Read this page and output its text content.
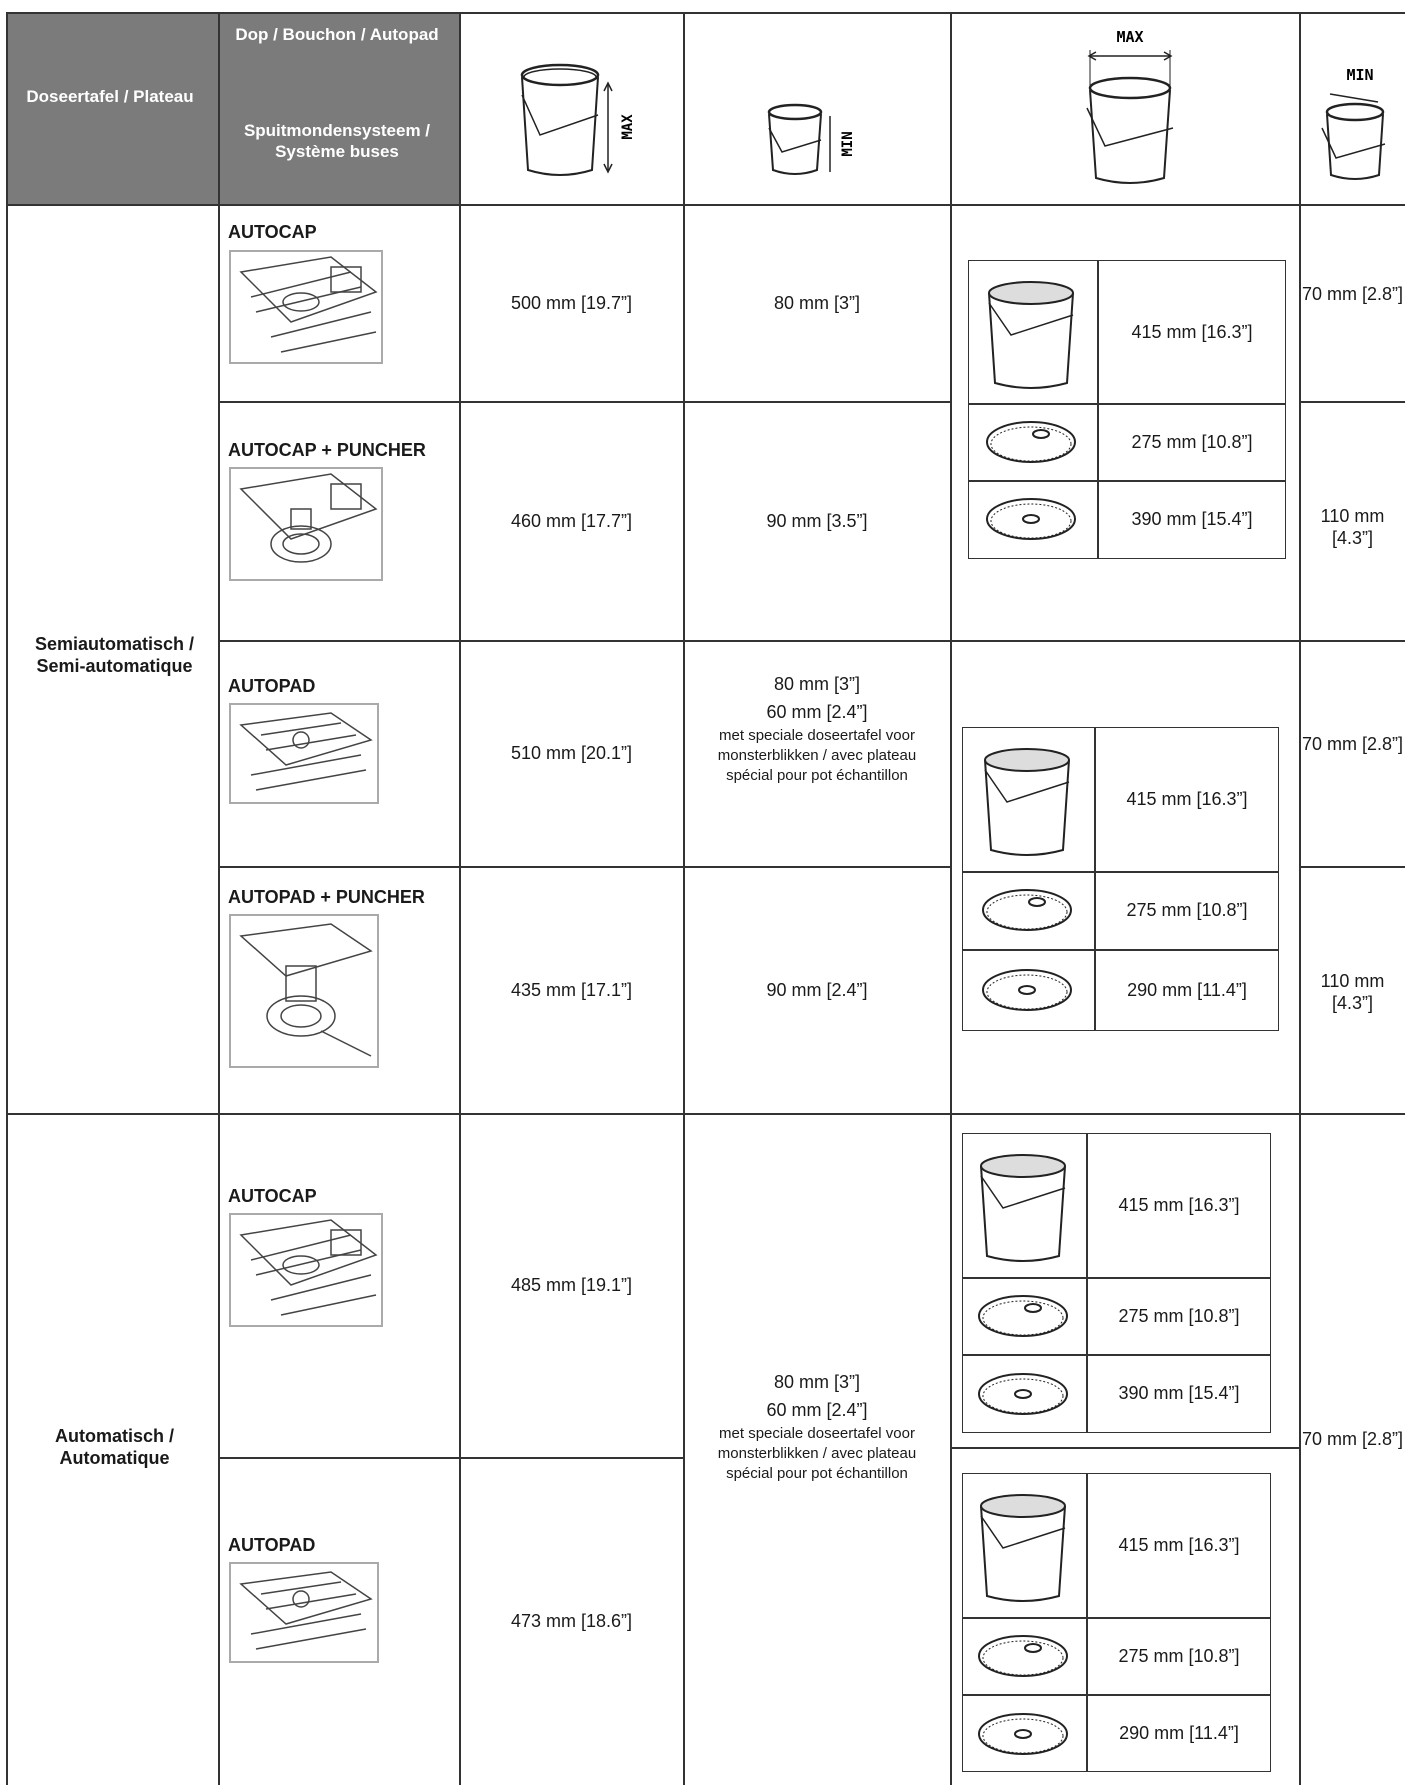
Doseertafel / Plateau
Dop / Bouchon / Autopad
Spuitmondensysteem / Système buses
MAX
MIN
MAX
MIN
Semiautomatisch / Semi-automatique
Automatisch / Automatique
AUTOCAP
AUTOCAP + PUNCHER
AUTOPAD
AUTOPAD + PUNCHER
AUTOCAP
AUTOPAD
500 mm [19.7”]
460 mm [17.7”]
510 mm [20.1”]
435 mm [17.1”]
485 mm [19.1”]
473 mm [18.6”]
80 mm [3”]
90 mm [3.5”]
80 mm [3”]
60 mm [2.4”]
met speciale doseertafel voor monsterblikken / avec plateau spécial pour pot échantillon
90 mm [2.4”]
80 mm [3”]
60 mm [2.4”]
met speciale doseertafel voor monsterblikken / avec plateau spécial pour pot échantillon
415 mm [16.3”]
275 mm [10.8”]
390 mm [15.4”]
415 mm [16.3”]
275 mm [10.8”]
290 mm [11.4”]
415 mm [16.3”]
275 mm [10.8”]
390 mm [15.4”]
415 mm [16.3”]
275 mm [10.8”]
290 mm [11.4”]
70 mm [2.8”]
110 mm [4.3”]
70 mm [2.8”]
110 mm [4.3”]
70 mm [2.8”]
